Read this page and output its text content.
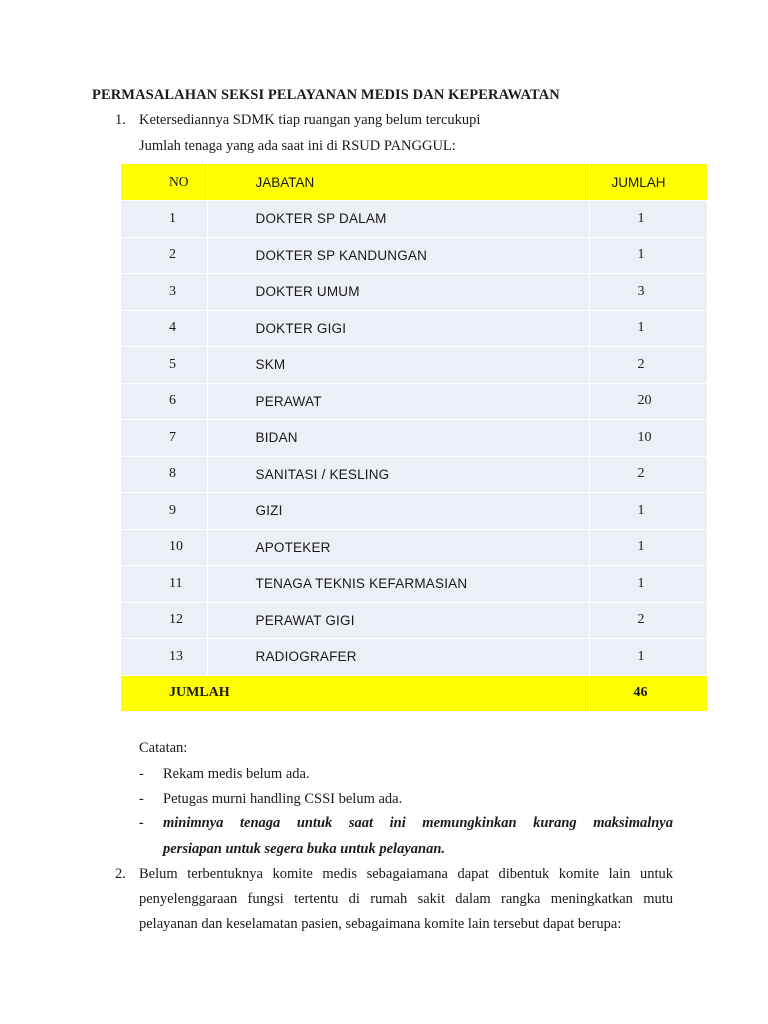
PERMASALAHAN SEKSI PELAYANAN MEDIS DAN KEPERAWATAN
1. Ketersediannya SDMK tiap ruangan yang belum tercukupi
Jumlah tenaga yang ada saat ini di RSUD PANGGUL:
NO	JABATAN	JUMLAH
1	DOKTER SP DALAM	1
2	DOKTER SP KANDUNGAN	1
3	DOKTER UMUM	3
4	DOKTER GIGI	1
5	SKM	2
6	PERAWAT	20
7	BIDAN	10
8	SANITASI / KESLING	2
9	GIZI	1
10	APOTEKER	1
11	TENAGA TEKNIS KEFARMASIAN	1
12	PERAWAT GIGI	2
13	RADIOGRAFER	1
JUMLAH		46
Catatan:
- Rekam medis belum ada.
- Petugas murni handling CSSI belum ada.
- minimnya tenaga untuk saat ini memungkinkan kurang maksimalnya
persiapan untuk segera buka untuk pelayanan.
2. Belum terbentuknya komite medis sebagaiamana dapat dibentuk komite lain untuk
penyelenggaraan fungsi tertentu di rumah sakit dalam rangka meningkatkan mutu
pelayanan dan keselamatan pasien, sebagaimana komite lain tersebut dapat berupa:
